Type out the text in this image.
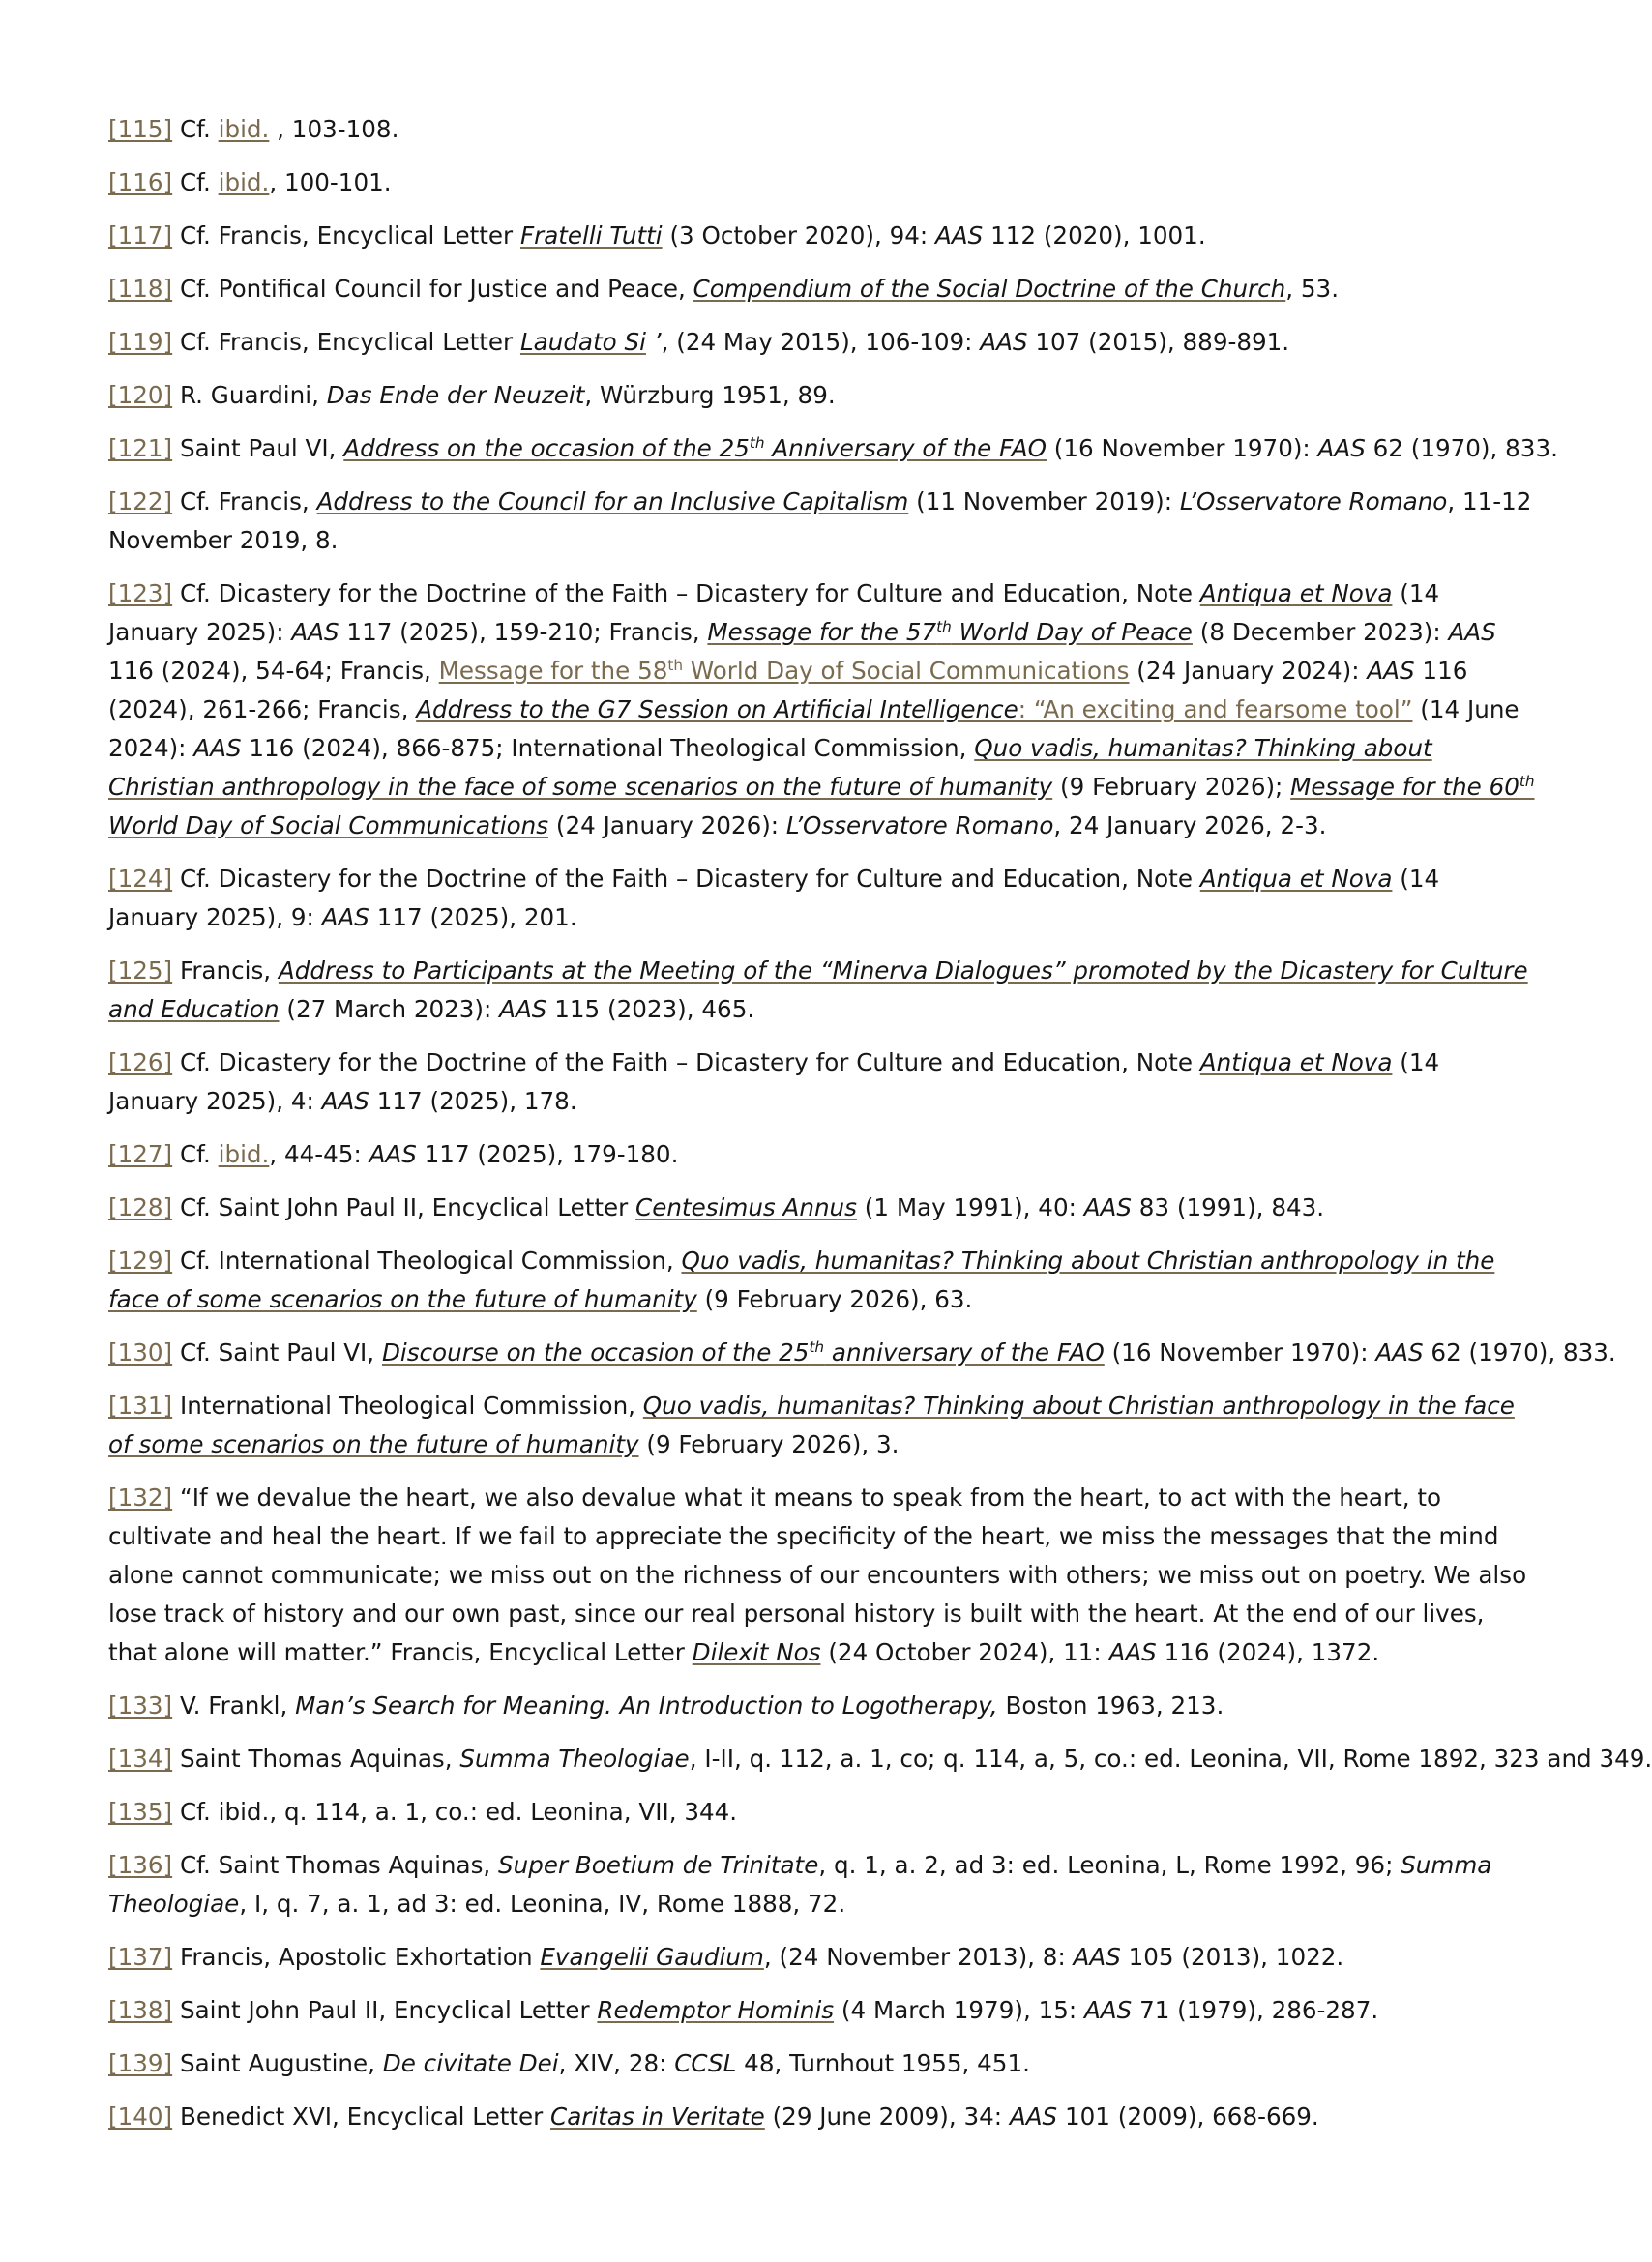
[115] Cf. ibid. , 103-108.

[116] Cf. ibid., 100-101.

[117] Cf. Francis, Encyclical Letter Fratelli Tutti (3 October 2020), 94: AAS 112 (2020), 1001.

[118] Cf. Pontifical Council for Justice and Peace, Compendium of the Social Doctrine of the Church, 53.

[119] Cf. Francis, Encyclical Letter Laudato Si ’, (24 May 2015), 106-109: AAS 107 (2015), 889-891.

[120] R. Guardini, Das Ende der Neuzeit, Würzburg 1951, 89.

[121] Saint Paul VI, Address on the occasion of the 25th Anniversary of the FAO (16 November 1970): AAS 62 (1970), 833.

[122] Cf. Francis, Address to the Council for an Inclusive Capitalism (11 November 2019): L’Osservatore Romano, 11-12 November 2019, 8.

[123] Cf. Dicastery for the Doctrine of the Faith – Dicastery for Culture and Education, Note Antiqua et Nova (14 January 2025): AAS 117 (2025), 159-210; Francis, Message for the 57th World Day of Peace (8 December 2023): AAS 116 (2024), 54-64; Francis, Message for the 58th World Day of Social Communications (24 January 2024): AAS 116 (2024), 261-266; Francis, Address to the G7 Session on Artificial Intelligence: “An exciting and fearsome tool” (14 June 2024): AAS 116 (2024), 866-875; International Theological Commission, Quo vadis, humanitas? Thinking about Christian anthropology in the face of some scenarios on the future of humanity (9 February 2026); Message for the 60th World Day of Social Communications (24 January 2026): L’Osservatore Romano, 24 January 2026, 2-3.

[124] Cf. Dicastery for the Doctrine of the Faith – Dicastery for Culture and Education, Note Antiqua et Nova (14 January 2025), 9: AAS 117 (2025), 201.

[125] Francis, Address to Participants at the Meeting of the “Minerva Dialogues” promoted by the Dicastery for Culture and Education (27 March 2023): AAS 115 (2023), 465.

[126] Cf. Dicastery for the Doctrine of the Faith – Dicastery for Culture and Education, Note Antiqua et Nova (14 January 2025), 4: AAS 117 (2025), 178.

[127] Cf. ibid., 44-45: AAS 117 (2025), 179-180.

[128] Cf. Saint John Paul II, Encyclical Letter Centesimus Annus (1 May 1991), 40: AAS 83 (1991), 843.

[129] Cf. International Theological Commission, Quo vadis, humanitas? Thinking about Christian anthropology in the face of some scenarios on the future of humanity (9 February 2026), 63.

[130] Cf. Saint Paul VI, Discourse on the occasion of the 25th anniversary of the FAO (16 November 1970): AAS 62 (1970), 833.

[131] International Theological Commission, Quo vadis, humanitas? Thinking about Christian anthropology in the face of some scenarios on the future of humanity (9 February 2026), 3.

[132] “If we devalue the heart, we also devalue what it means to speak from the heart, to act with the heart, to cultivate and heal the heart. If we fail to appreciate the specificity of the heart, we miss the messages that the mind alone cannot communicate; we miss out on the richness of our encounters with others; we miss out on poetry. We also lose track of history and our own past, since our real personal history is built with the heart. At the end of our lives, that alone will matter.” Francis, Encyclical Letter Dilexit Nos (24 October 2024), 11: AAS 116 (2024), 1372.

[133] V. Frankl, Man’s Search for Meaning. An Introduction to Logotherapy, Boston 1963, 213.

[134] Saint Thomas Aquinas, Summa Theologiae, I-II, q. 112, a. 1, co; q. 114, a, 5, co.: ed. Leonina, VII, Rome 1892, 323 and 349.

[135] Cf. ibid., q. 114, a. 1, co.: ed. Leonina, VII, 344.

[136] Cf. Saint Thomas Aquinas, Super Boetium de Trinitate, q. 1, a. 2, ad 3: ed. Leonina, L, Rome 1992, 96; Summa Theologiae, I, q. 7, a. 1, ad 3: ed. Leonina, IV, Rome 1888, 72.

[137] Francis, Apostolic Exhortation Evangelii Gaudium, (24 November 2013), 8: AAS 105 (2013), 1022.

[138] Saint John Paul II, Encyclical Letter Redemptor Hominis (4 March 1979), 15: AAS 71 (1979), 286-287.

[139] Saint Augustine, De civitate Dei, XIV, 28: CCSL 48, Turnhout 1955, 451.

[140] Benedict XVI, Encyclical Letter Caritas in Veritate (29 June 2009), 34: AAS 101 (2009), 668-669.
